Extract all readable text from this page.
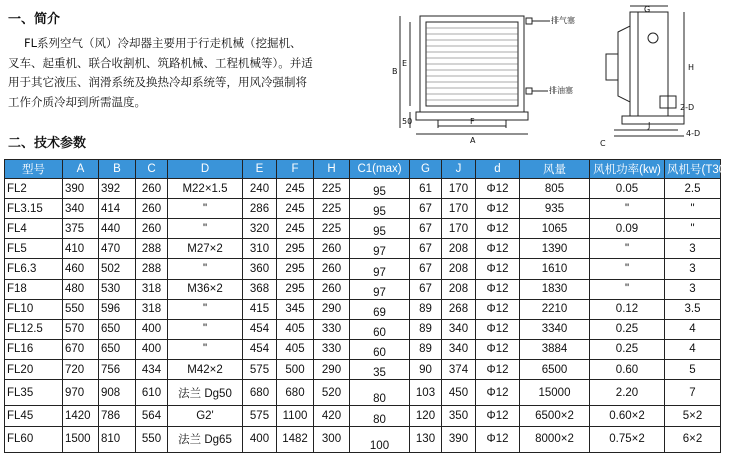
一、简介
FL系列空气（风）冷却器主要用于行走机械（挖掘机、
叉车、起重机、联合收割机、筑路机械、工程机械等）。并适
用于其它液压、润滑系统及换热冷却系统等，用风冷强制将
工作介质冷却到所需温度。
二、技术参数
B
E
50	F
A
排气塞
排油塞
G
H
2-D
J
C
4-D
型号	A	B	C	D	E	F	H	C1(max)	G	J	d	风量	风机功率(kw)	风机号(T30)
FL2	390	392	260	M22×1.5	240	245	225	95	61	170	Φ12	805	0.05	2.5
FL3.15	340	414	260	"	286	245	225	95	67	170	Φ12	935	"	"
FL4	375	440	260	"	320	245	225	95	67	170	Φ12	1065	0.09	"
FL5	410	470	288	M27×2	310	295	260	97	67	208	Φ12	1390	"	3
FL6.3	460	502	288	"	360	295	260	97	67	208	Φ12	1610	"	3
F18	480	530	318	M36×2	368	295	260	97	67	208	Φ12	1830	"	3
FL10	550	596	318	"	415	345	290	69	89	268	Φ12	2210	0.12	3.5
FL12.5	570	650	400	"	454	405	330	60	89	340	Φ12	3340	0.25	4
FL16	670	650	400	"	454	405	330	60	89	340	Φ12	3884	0.25	4
FL20	720	756	434	M42×2	575	500	290	35	90	374	Φ12	6500	0.60	5
FL35	970	908	610	法兰 Dg50	680	680	520	80	103	450	Φ12	15000	2.20	7
FL45	1420	786	564	G2'	575	1100	420	80	120	350	Φ12	6500×2	0.60×2	5×2
FL60	1500	810	550	法兰 Dg65	400	1482	300	100	130	390	Φ12	8000×2	0.75×2	6×2
